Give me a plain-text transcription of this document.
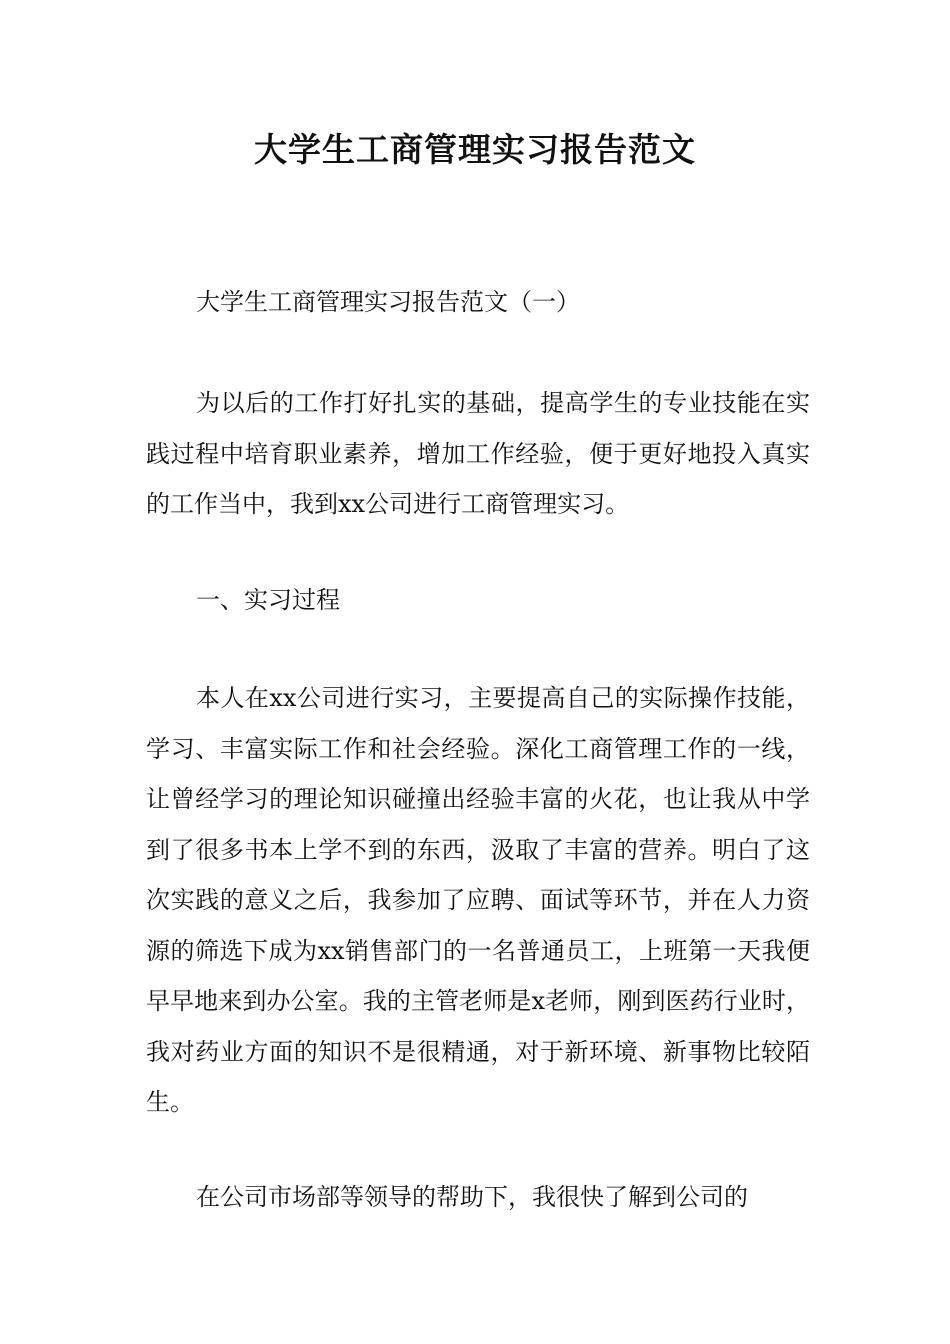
大学生工商管理实习报告范文

大学生工商管理实习报告范文（一）

为以后的工作打好扎实的基础，提高学生的专业技能在实践过程中培育职业素养，增加工作经验，便于更好地投入真实的工作当中，我到xx公司进行工商管理实习。

一、实习过程

本人在xx公司进行实习，主要提高自己的实际操作技能，学习、丰富实际工作和社会经验。深化工商管理工作的一线，让曾经学习的理论知识碰撞出经验丰富的火花，也让我从中学到了很多书本上学不到的东西，汲取了丰富的营养。明白了这次实践的意义之后，我参加了应聘、面试等环节，并在人力资源的筛选下成为xx销售部门的一名普通员工，上班第一天我便早早地来到办公室。我的主管老师是x老师，刚到医药行业时，我对药业方面的知识不是很精通，对于新环境、新事物比较陌生。

在公司市场部等领导的帮助下，我很快了解到公司的
